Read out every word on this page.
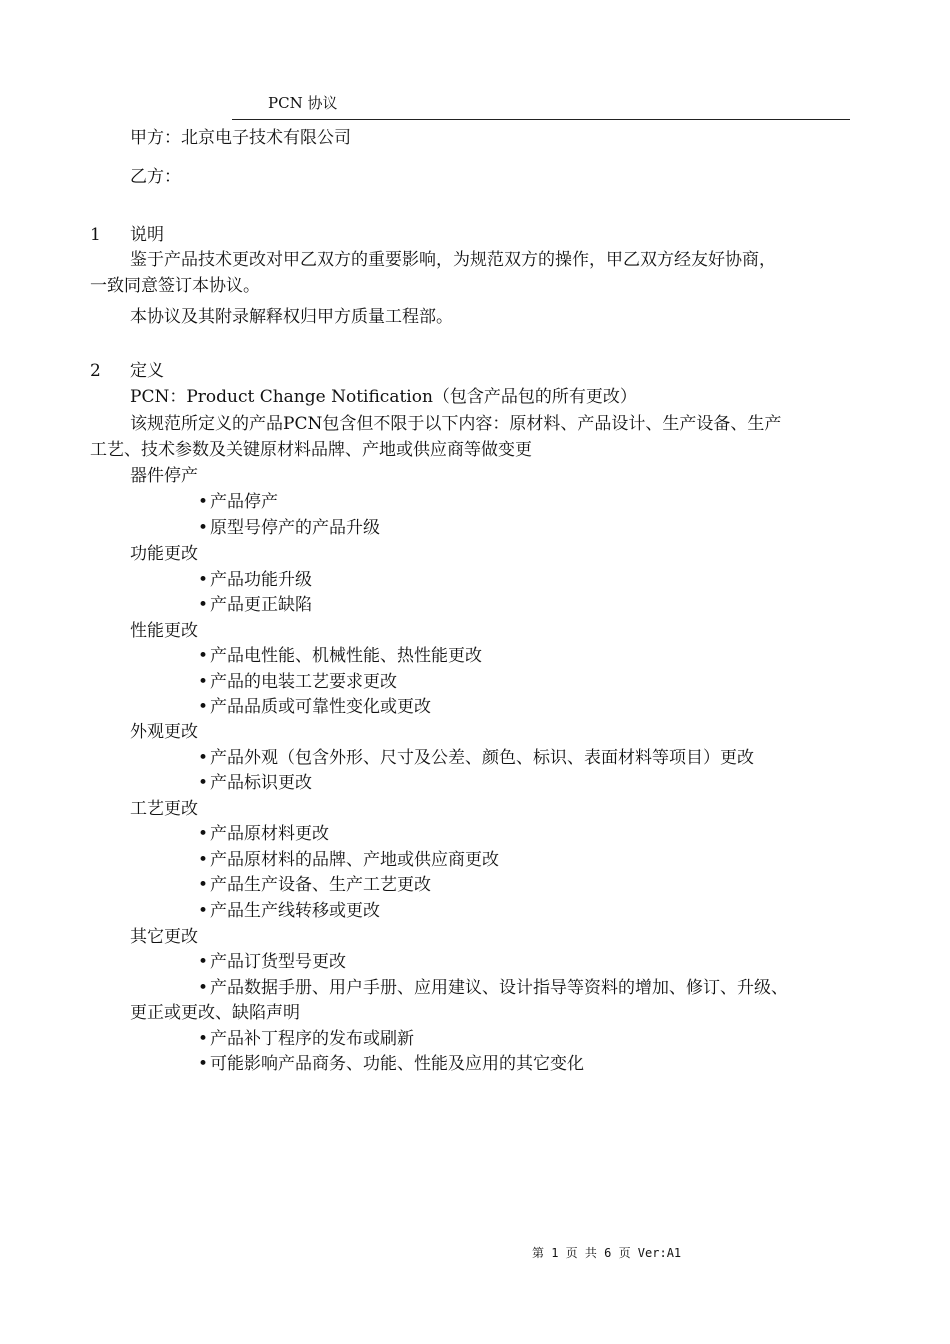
PCN 协议
甲方：北京电子技术有限公司
乙方：
1 说明
鉴于产品技术更改对甲乙双方的重要影响，为规范双方的操作，甲乙双方经友好协商，
一致同意签订本协议。
本协议及其附录解释权归甲方质量工程部。
2 定义
PCN：Product Change Notification（包含产品包的所有更改）
该规范所定义的产品PCN包含但不限于以下内容：原材料、产品设计、生产设备、生产
工艺、技术参数及关键原材料品牌、产地或供应商等做变更
器件停产
• 产品停产
• 原型号停产的产品升级
功能更改
• 产品功能升级
• 产品更正缺陷
性能更改
• 产品电性能、机械性能、热性能更改
• 产品的电装工艺要求更改
• 产品品质或可靠性变化或更改
外观更改
• 产品外观（包含外形、尺寸及公差、颜色、标识、表面材料等项目）更改
• 产品标识更改
工艺更改
• 产品原材料更改
• 产品原材料的品牌、产地或供应商更改
• 产品生产设备、生产工艺更改
• 产品生产线转移或更改
其它更改
• 产品订货型号更改
• 产品数据手册、用户手册、应用建议、设计指导等资料的增加、修订、升级、
更正或更改、缺陷声明
• 产品补丁程序的发布或刷新
• 可能影响产品商务、功能、性能及应用的其它变化
第 1 页 共 6 页 Ver:A1
